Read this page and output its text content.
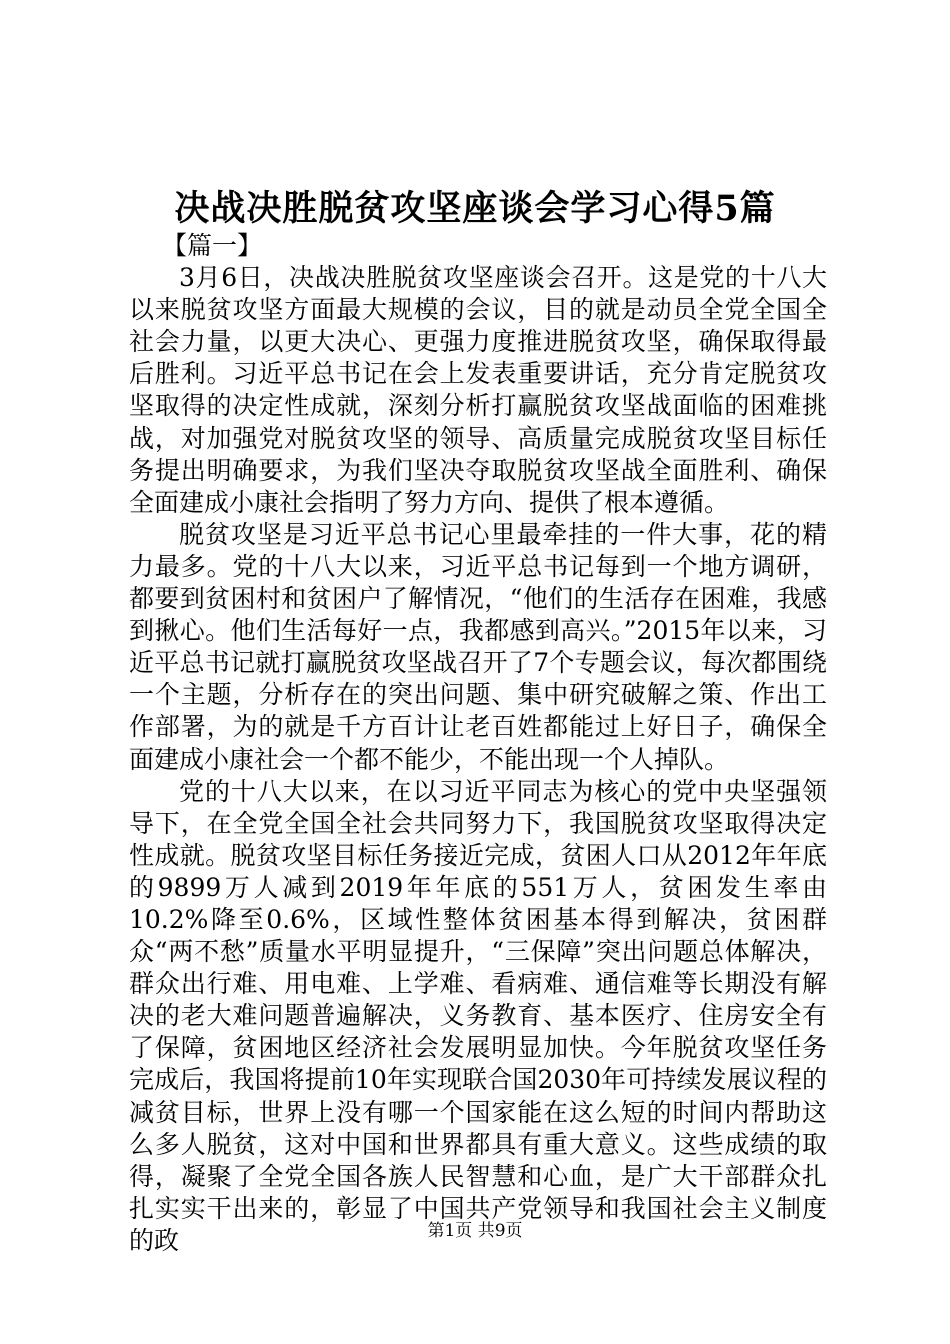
决战决胜脱贫攻坚座谈会学习心得5篇

【篇一】

3月6日，决战决胜脱贫攻坚座谈会召开。这是党的十八大以来脱贫攻坚方面最大规模的会议，目的就是动员全党全国全社会力量，以更大决心、更强力度推进脱贫攻坚，确保取得最后胜利。习近平总书记在会上发表重要讲话，充分肯定脱贫攻坚取得的决定性成就，深刻分析打赢脱贫攻坚战面临的困难挑战，对加强党对脱贫攻坚的领导、高质量完成脱贫攻坚目标任务提出明确要求，为我们坚决夺取脱贫攻坚战全面胜利、确保全面建成小康社会指明了努力方向、提供了根本遵循。

脱贫攻坚是习近平总书记心里最牵挂的一件大事，花的精力最多。党的十八大以来，习近平总书记每到一个地方调研，都要到贫困村和贫困户了解情况，“他们的生活存在困难，我感到揪心。他们生活每好一点，我都感到高兴。”2015年以来，习近平总书记就打赢脱贫攻坚战召开了7个专题会议，每次都围绕一个主题，分析存在的突出问题、集中研究破解之策、作出工作部署，为的就是千方百计让老百姓都能过上好日子，确保全面建成小康社会一个都不能少，不能出现一个人掉队。

党的十八大以来，在以习近平同志为核心的党中央坚强领导下，在全党全国全社会共同努力下，我国脱贫攻坚取得决定性成就。脱贫攻坚目标任务接近完成，贫困人口从2012年年底的9899万人减到2019年年底的551万人，贫困发生率由10.2%降至0.6%，区域性整体贫困基本得到解决，贫困群众“两不愁”质量水平明显提升，“三保障”突出问题总体解决，群众出行难、用电难、上学难、看病难、通信难等长期没有解决的老大难问题普遍解决，义务教育、基本医疗、住房安全有了保障，贫困地区经济社会发展明显加快。今年脱贫攻坚任务完成后，我国将提前10年实现联合国2030年可持续发展议程的减贫目标，世界上没有哪一个国家能在这么短的时间内帮助这么多人脱贫，这对中国和世界都具有重大意义。这些成绩的取得，凝聚了全党全国各族人民智慧和心血，是广大干部群众扎扎实实干出来的，彰显了中国共产党领导和我国社会主义制度的政	第1页 共9页
